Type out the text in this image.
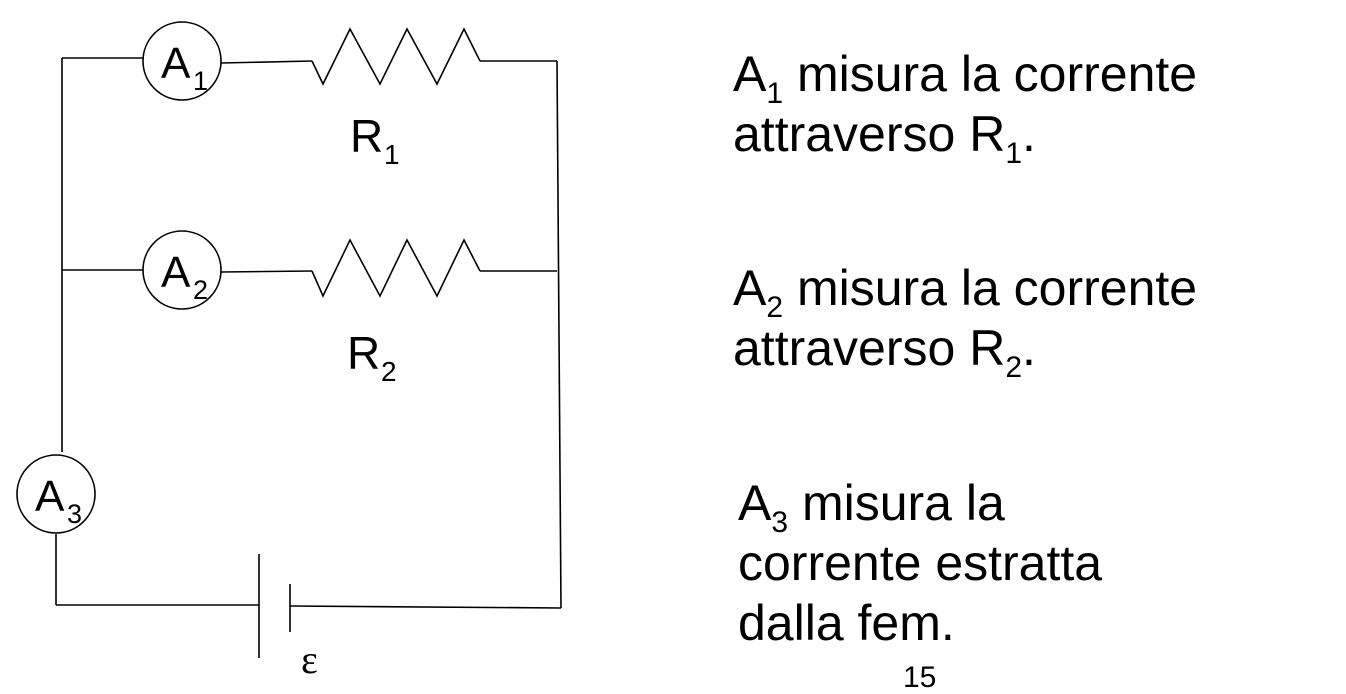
A 1
A 2
A 3
R 1
R 2
ε
$A_1$ misura la corrente
attraverso $R_1$.
$A_2$ misura la corrente
attraverso $R_2$.
$A_3$ misura la
corrente estratta
dalla fem.
15
